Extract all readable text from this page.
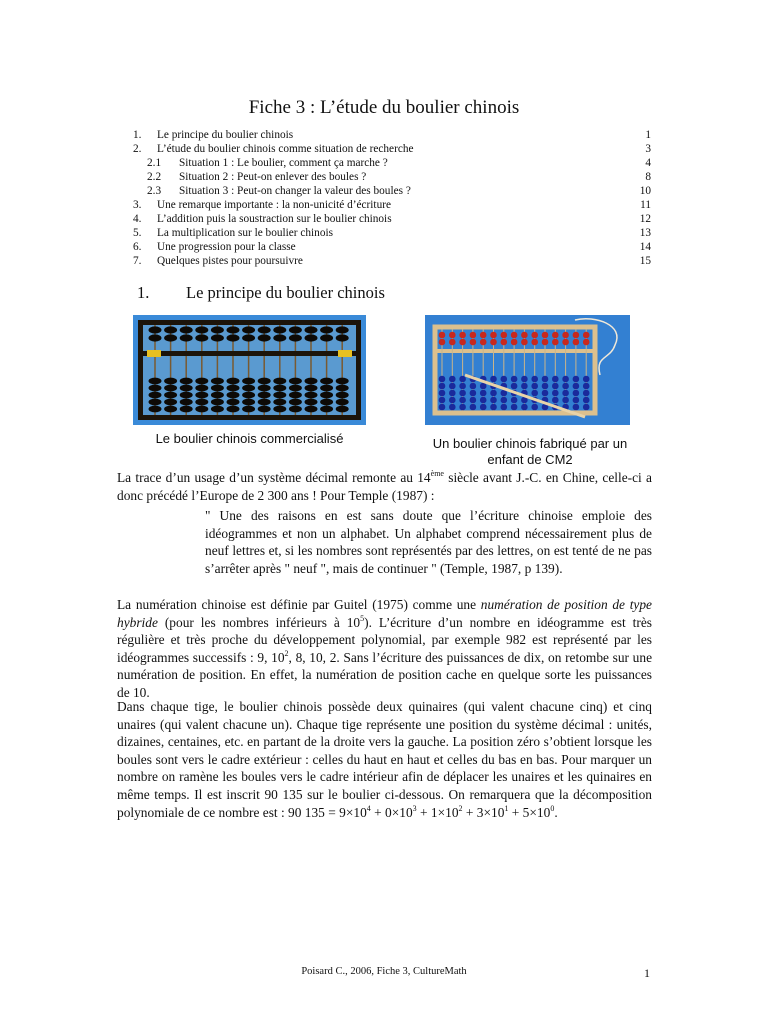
Fiche 3 : L’étude du boulier chinois
1. Le principe du boulier chinois	1
2. L’étude du boulier chinois comme situation de recherche	3
2.1 Situation 1 : Le boulier, comment ça marche ?	4
2.2 Situation 2 : Peut-on enlever des boules ?	8
2.3 Situation 3 : Peut-on changer la valeur des boules ?	10
3. Une remarque importante : la non-unicité d’écriture	11
4. L’addition puis la soustraction sur le boulier chinois	12
5. La multiplication sur le boulier chinois	13
6. Une progression pour la classe	14
7. Quelques pistes pour poursuivre	15
1. Le principe du boulier chinois
Le boulier chinois commercialisé	Un boulier chinois fabriqué par un
enfant de CM2
La trace d’un usage d’un système décimal remonte au 14ème siècle avant J.-C. en Chine, celle-ci a donc précédé l’Europe de 2 300 ans ! Pour Temple (1987) :
" Une des raisons en est sans doute que l’écriture chinoise emploie des idéogrammes et non un alphabet. Un alphabet comprend nécessairement plus de neuf lettres et, si les nombres sont représentés par des lettres, on est tenté de ne pas s’arrêter après " neuf ", mais de continuer " (Temple, 1987, p 139).
La numération chinoise est définie par Guitel (1975) comme une numération de position de type hybride (pour les nombres inférieurs à $10^5$). L’écriture d’un nombre en idéogramme est très régulière et très proche du développement polynomial, par exemple 982 est représenté par les idéogrammes successifs : 9, $10^2$, 8, 10, 2. Sans l’écriture des puissances de dix, on retombe sur une numération de position. En effet, la numération de position cache en quelque sorte les puissances de 10.
Dans chaque tige, le boulier chinois possède deux quinaires (qui valent chacune cinq) et cinq unaires (qui valent chacune un). Chaque tige représente une position du système décimal : unités, dizaines, centaines, etc. en partant de la droite vers la gauche. La position zéro s’obtient lorsque les boules sont vers le cadre extérieur : celles du haut en haut et celles du bas en bas. Pour marquer un nombre on ramène les boules vers le cadre intérieur afin de déplacer les unaires et les quinaires en même temps. Il est inscrit 90 135 sur le boulier ci-dessous. On remarquera que la décomposition polynomiale de ce nombre est : 90 $135 = 9\times 10^4 + 0\times 10^3 + 1\times 10^2 + 3\times 10^1 + 5\times 10^0$.
Poisard C., 2006, Fiche 3, CultureMath	1
